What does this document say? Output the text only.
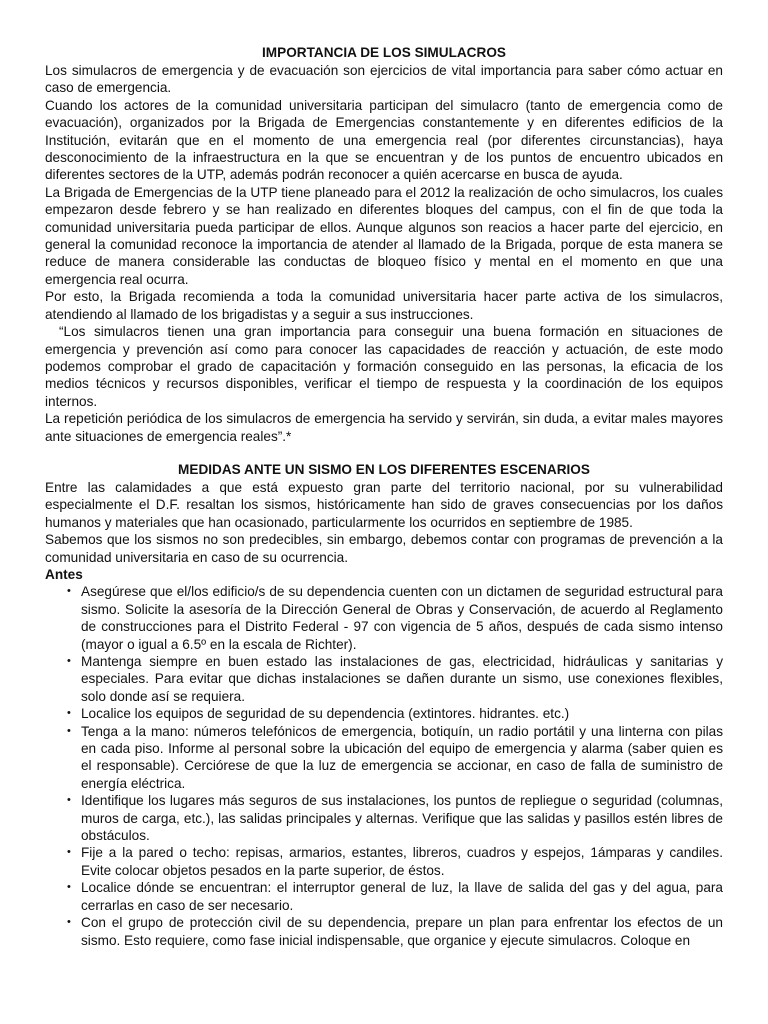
IMPORTANCIA DE LOS SIMULACROS

Los simulacros de emergencia y de evacuación son ejercicios de vital importancia para saber cómo actuar en caso de emergencia.

Cuando los actores de la comunidad universitaria participan del simulacro (tanto de emergencia como de evacuación), organizados por la Brigada de Emergencias constantemente y en diferentes edificios de la Institución, evitarán que en el momento de una emergencia real (por diferentes circunstancias), haya desconocimiento de la infraestructura en la que se encuentran y de los puntos de encuentro ubicados en diferentes sectores de la UTP, además podrán reconocer a quién acercarse en busca de ayuda.

La Brigada de Emergencias de la UTP tiene planeado para el 2012 la realización de ocho simulacros, los cuales empezaron desde febrero y se han realizado en diferentes bloques del campus, con el fin de que toda la comunidad universitaria pueda participar de ellos. Aunque algunos son reacios a hacer parte del ejercicio, en general la comunidad reconoce la importancia de atender al llamado de la Brigada, porque de esta manera se reduce de manera considerable las conductas de bloqueo físico y mental en el momento en que una emergencia real ocurra.

Por esto, la Brigada recomienda a toda la comunidad universitaria hacer parte activa de los simulacros, atendiendo al llamado de los brigadistas y a seguir a sus instrucciones.

“Los simulacros tienen una gran importancia para conseguir una buena formación en situaciones de emergencia y prevención así como para conocer las capacidades de reacción y actuación, de este modo podemos comprobar el grado de capacitación y formación conseguido en las personas, la eficacia de los medios técnicos y recursos disponibles, verificar el tiempo de respuesta y la coordinación de los equipos internos.

La repetición periódica de los simulacros de emergencia ha servido y servirán, sin duda, a evitar males mayores ante situaciones de emergencia reales”.*

MEDIDAS ANTE UN SISMO EN LOS DIFERENTES ESCENARIOS

Entre las calamidades a que está expuesto gran parte del territorio nacional, por su vulnerabilidad especialmente el D.F. resaltan los sismos, históricamente han sido de graves consecuencias por los daños humanos y materiales que han ocasionado, particularmente los ocurridos en septiembre de 1985.

Sabemos que los sismos no son predecibles, sin embargo, debemos contar con programas de prevención a la comunidad universitaria en caso de su ocurrencia.

Antes

• Asegúrese que el/los edificio/s de su dependencia cuenten con un dictamen de seguridad estructural para sismo. Solicite la asesoría de la Dirección General de Obras y Conservación, de acuerdo al Reglamento de construcciones para el Distrito Federal - 97 con vigencia de 5 años, después de cada sismo intenso (mayor o igual a 6.5º en la escala de Richter).
• Mantenga siempre en buen estado las instalaciones de gas, electricidad, hidráulicas y sanitarias y especiales. Para evitar que dichas instalaciones se dañen durante un sismo, use conexiones flexibles, solo donde así se requiera.
• Localice los equipos de seguridad de su dependencia (extintores. hidrantes. etc.)
• Tenga a la mano: números telefónicos de emergencia, botiquín, un radio portátil y una linterna con pilas en cada piso. Informe al personal sobre la ubicación del equipo de emergencia y alarma (saber quien es el responsable). Cerciórese de que la luz de emergencia se accionar, en caso de falla de suministro de energía eléctrica.
• Identifique los lugares más seguros de sus instalaciones, los puntos de repliegue o seguridad (columnas, muros de carga, etc.), las salidas principales y alternas. Verifique que las salidas y pasillos estén libres de obstáculos.
• Fije a la pared o techo: repisas, armarios, estantes, libreros, cuadros y espejos, 1ámparas y candiles. Evite colocar objetos pesados en la parte superior, de éstos.
• Localice dónde se encuentran: el interruptor general de luz, la llave de salida del gas y del agua, para cerrarlas en caso de ser necesario.
• Con el grupo de protección civil de su dependencia, prepare un plan para enfrentar los efectos de un sismo. Esto requiere, como fase inicial indispensable, que organice y ejecute simulacros. Coloque en
